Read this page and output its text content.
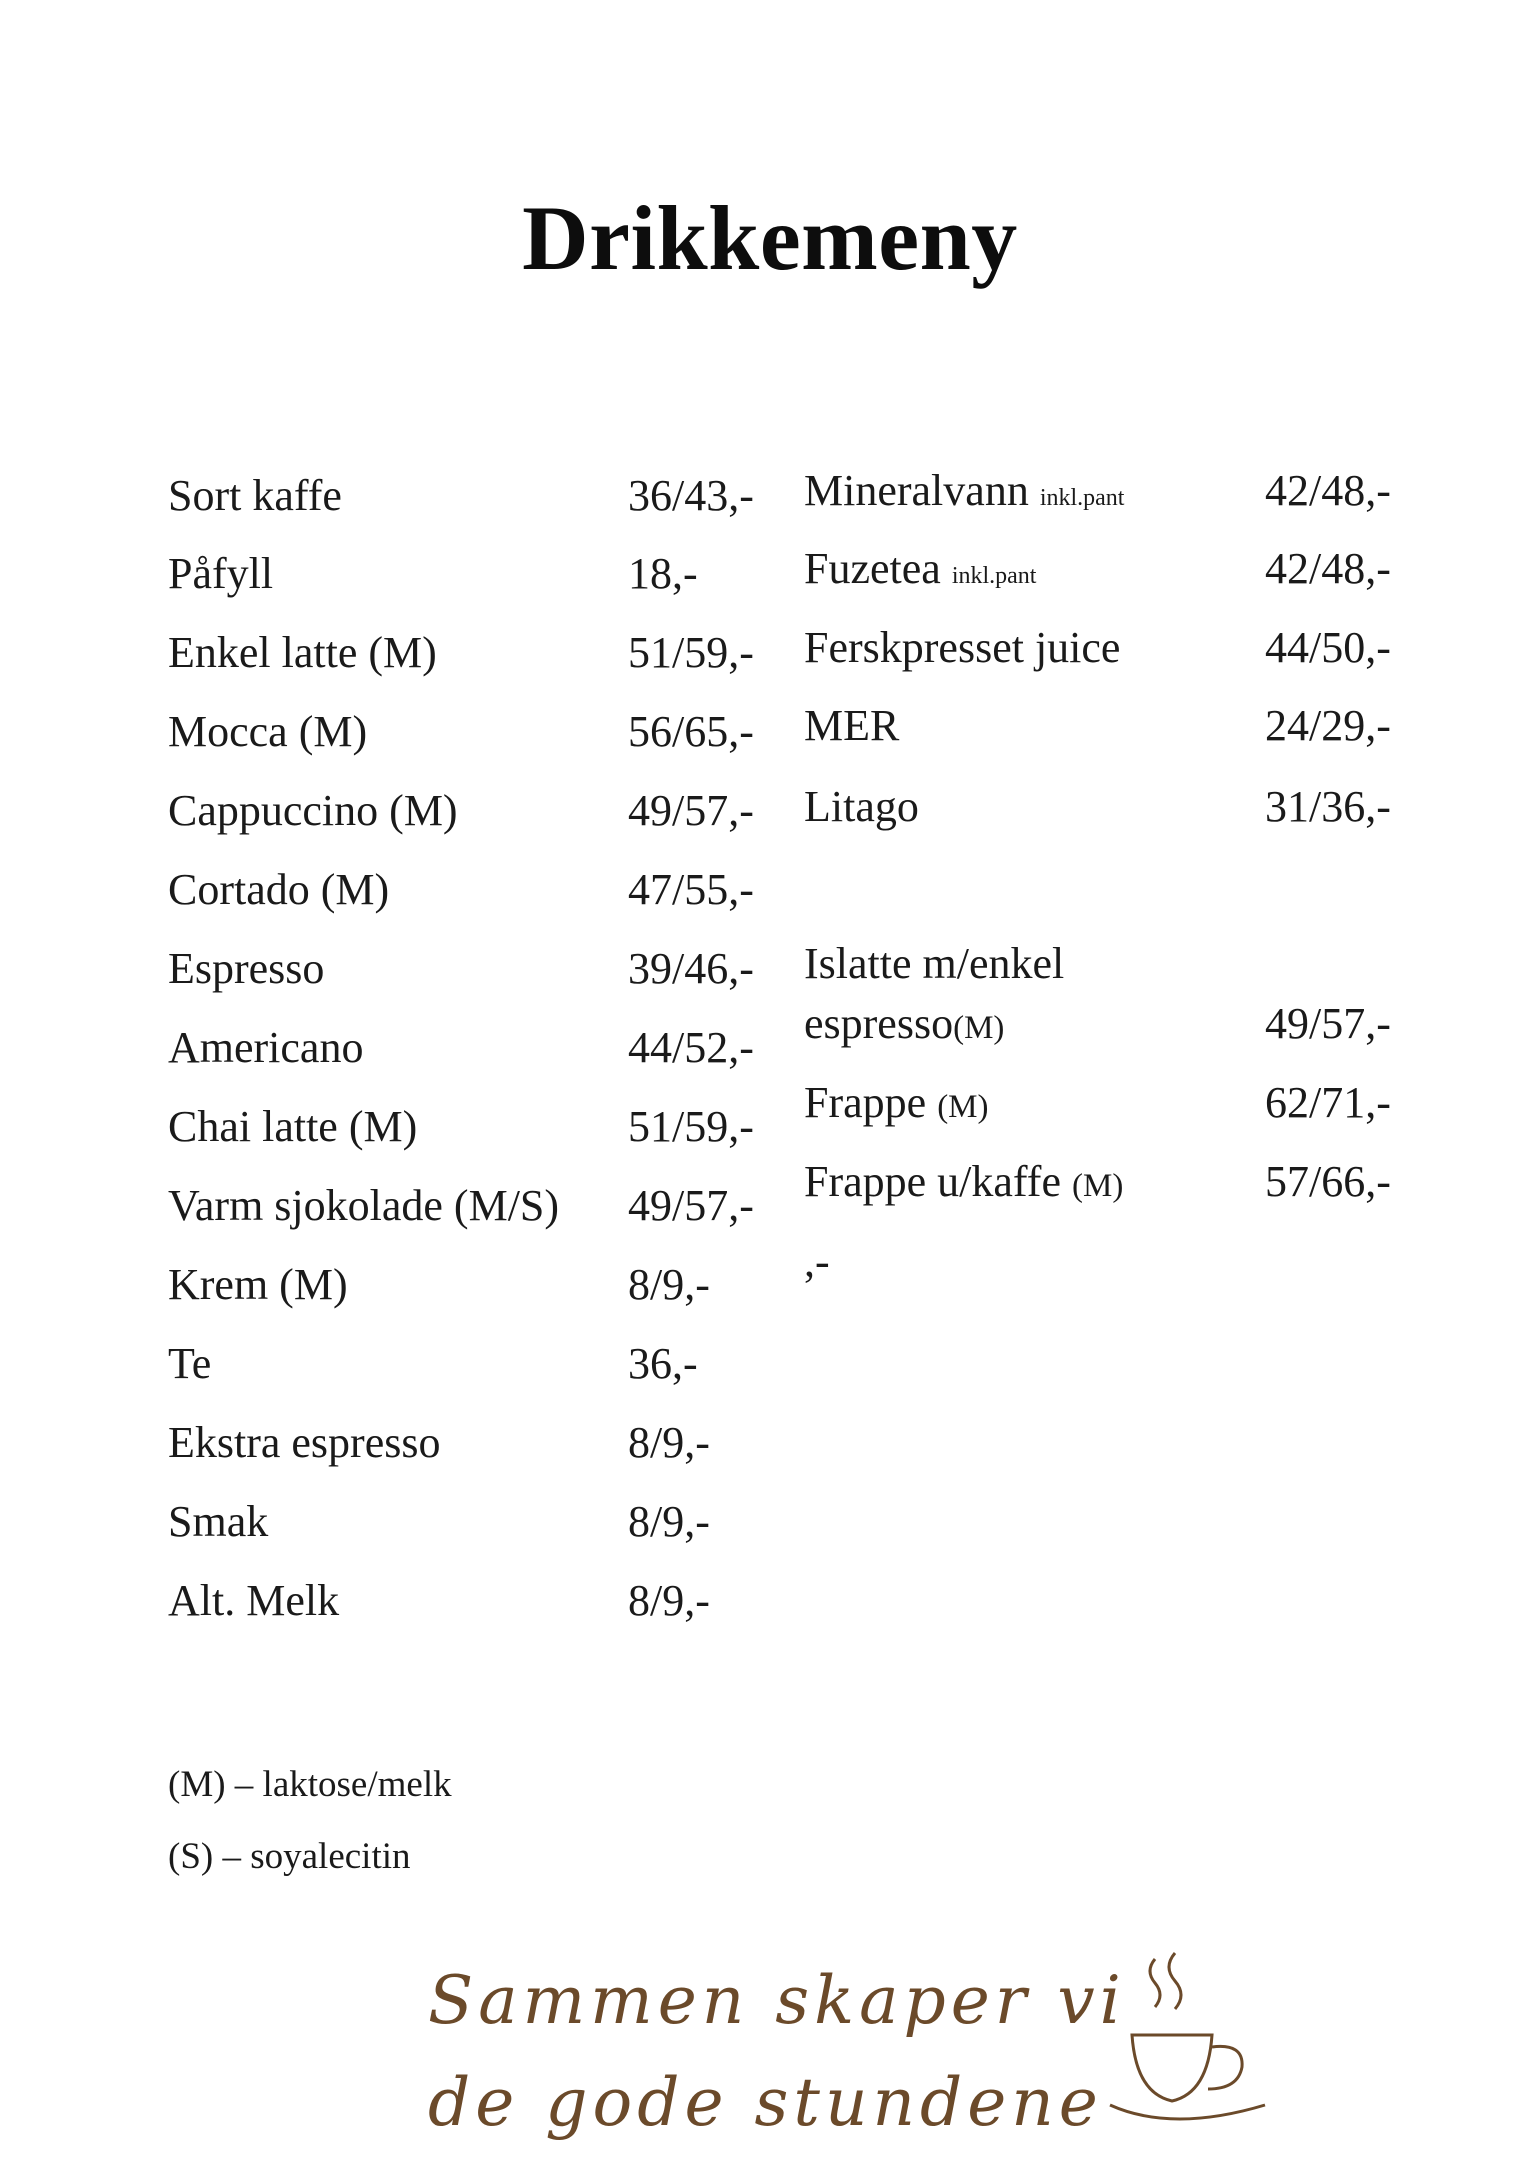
Drikkemeny
Sort kaffe	36/43,-
Påfyll	18,-
Enkel latte (M)	51/59,-
Mocca (M)	56/65,-
Cappuccino (M)	49/57,-
Cortado (M)	47/55,-
Espresso	39/46,-
Americano	44/52,-
Chai latte (M)	51/59,-
Varm sjokolade (M/S) 49/57,-
Krem (M)	8/9,-
Te	36,-
Ekstra espresso	8/9,-
Smak	8/9,-
Alt. Melk	8/9,-
Mineralvann inkl.pant	42/48,-
Fuzetea inkl.pant	42/48,-
Ferskpresset juice	44/50,-
MER	24/29,-
Litago	31/36,-
Islatte m/enkel
espresso(M)	49/57,-
Frappe (M)	62/71,-
Frappe u/kaffe (M)	57/66,-
,-
(M) – laktose/melk
(S) – soyalecitin
Sammen skaper vi
de gode stundene
